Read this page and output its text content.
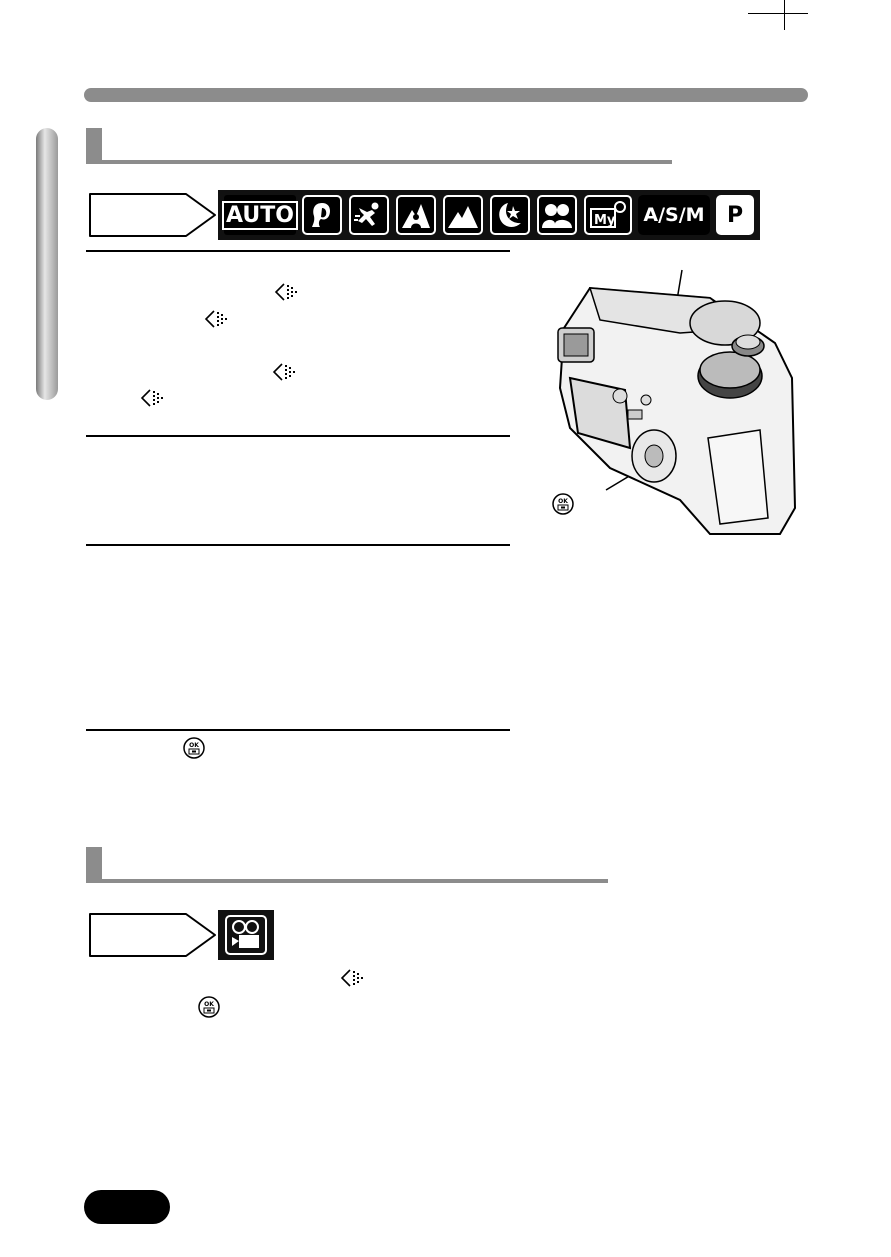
AUTO	My A/S/M P
OK
OK
OK
